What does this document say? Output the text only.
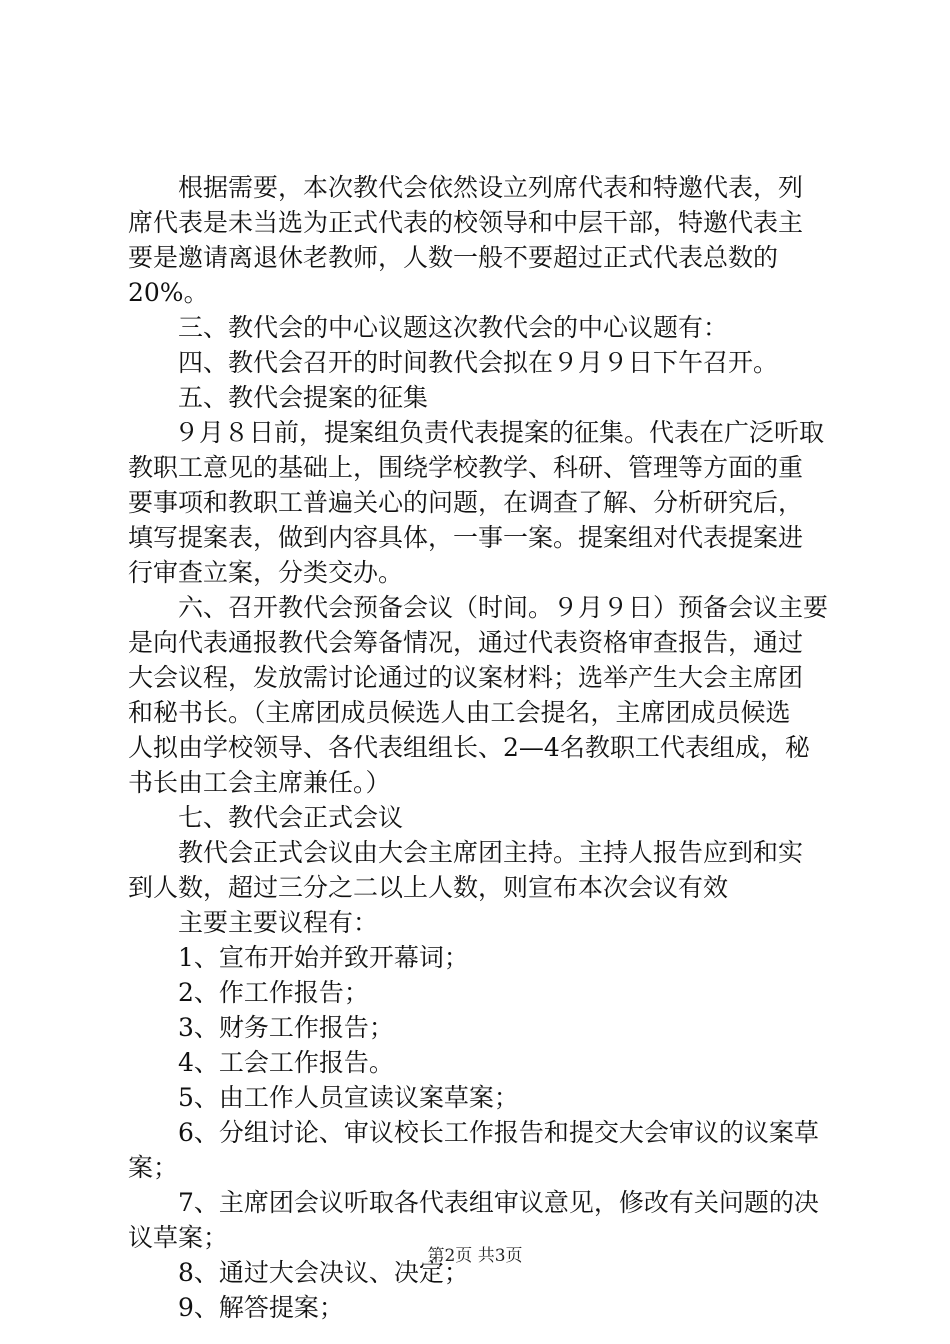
根据需要，本次教代会依然设立列席代表和特邀代表，列
席代表是未当选为正式代表的校领导和中层干部，特邀代表主
要是邀请离退休老教师，人数一般不要超过正式代表总数的
20%。
三、教代会的中心议题这次教代会的中心议题有：
四、教代会召开的时间教代会拟在９月９日下午召开。
五、教代会提案的征集
９月８日前，提案组负责代表提案的征集。代表在广泛听取
教职工意见的基础上，围绕学校教学、科研、管理等方面的重
要事项和教职工普遍关心的问题，在调查了解、分析研究后，
填写提案表，做到内容具体，一事一案。提案组对代表提案进
行审查立案，分类交办。
六、召开教代会预备会议（时间。９月９日）预备会议主要
是向代表通报教代会筹备情况，通过代表资格审查报告，通过
大会议程，发放需讨论通过的议案材料；选举产生大会主席团
和秘书长。（主席团成员候选人由工会提名，主席团成员候选
人拟由学校领导、各代表组组长、2—4名教职工代表组成，秘
书长由工会主席兼任。）
七、教代会正式会议
教代会正式会议由大会主席团主持。主持人报告应到和实
到人数，超过三分之二以上人数，则宣布本次会议有效
主要主要议程有：
1、宣布开始并致开幕词；
2、作工作报告；
3、财务工作报告；
4、工会工作报告。
5、由工作人员宣读议案草案；
6、分组讨论、审议校长工作报告和提交大会审议的议案草
案；
7、主席团会议听取各代表组审议意见，修改有关问题的决
议草案；
8、通过大会决议、决定；
9、解答提案；
第2页 共3页
